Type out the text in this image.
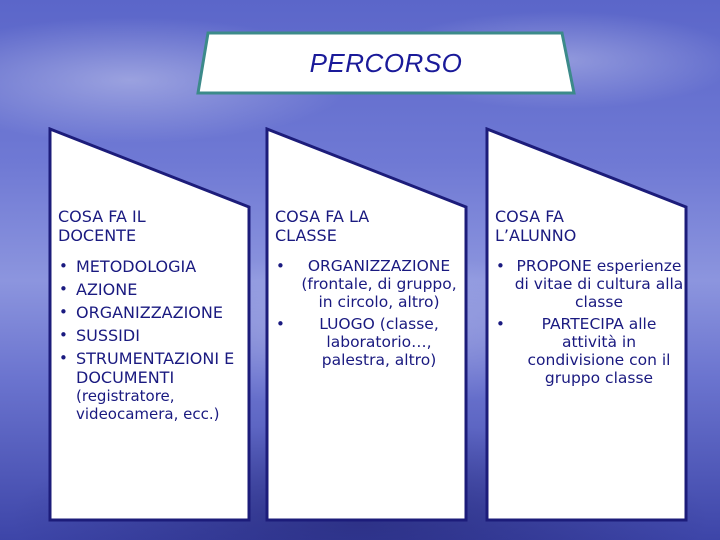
PERCORSO
COSA FA IL
DOCENTE
• METODOLOGIA
• AZIONE
• ORGANIZZAZIONE
• SUSSIDI
• STRUMENTAZIONI E DOCUMENTI
(registratore, videocamera, ecc.)
COSA FA LA
CLASSE
•	ORGANIZZAZIONE (frontale, di gruppo, in circolo, altro)
•	LUOGO (classe, laboratorio…, palestra, altro)
COSA FA
L’ALUNNO
• PROPONE esperienze di vitae di cultura alla classe
•	PARTECIPA alle attività in condivisione con il gruppo classe
